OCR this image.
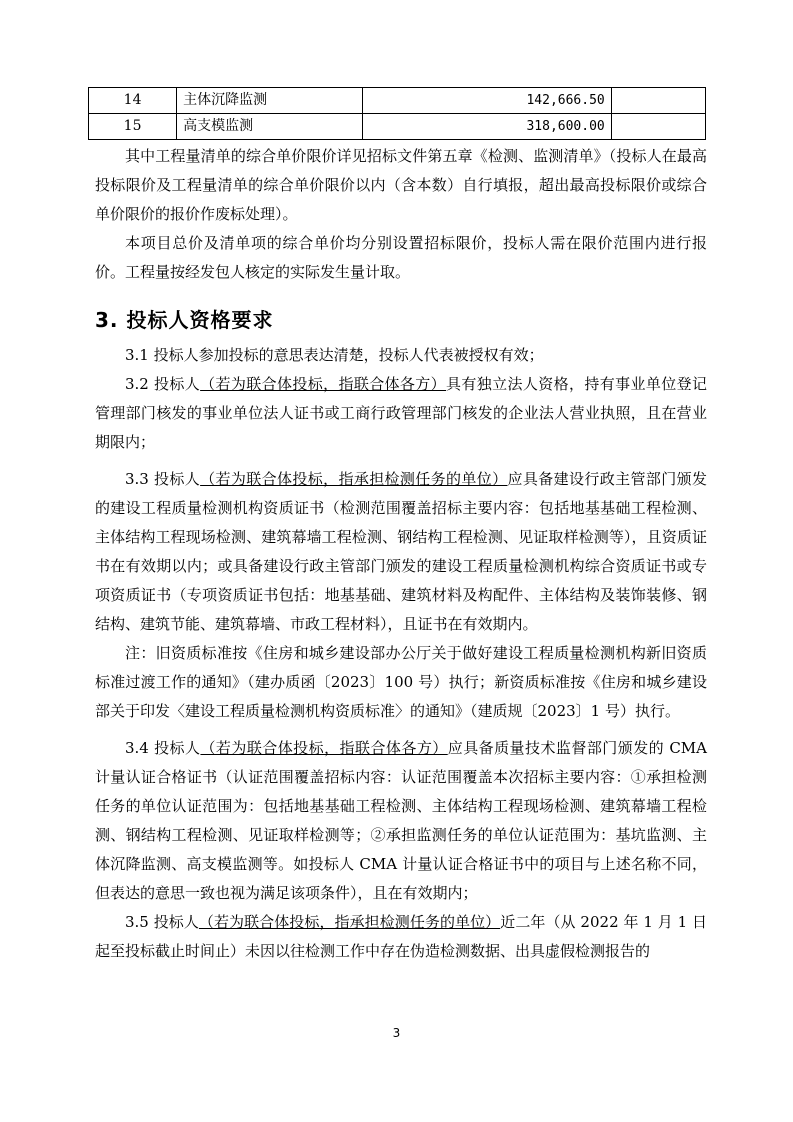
14	主体沉降监测	142,666.50	
15	高支模监测	318,600.00	

其中工程量清单的综合单价限价详见招标文件第五章《检测、监测清单》（投标人在最高投标限价及工程量清单的综合单价限价以内（含本数）自行填报，超出最高投标限价或综合单价限价的报价作废标处理）。

本项目总价及清单项的综合单价均分别设置招标限价，投标人需在限价范围内进行报价。工程量按经发包人核定的实际发生量计取。

3. 投标人资格要求

3.1 投标人参加投标的意思表达清楚，投标人代表被授权有效；

3.2 投标人（若为联合体投标，指联合体各方）具有独立法人资格，持有事业单位登记管理部门核发的事业单位法人证书或工商行政管理部门核发的企业法人营业执照，且在营业期限内；

3.3 投标人（若为联合体投标，指承担检测任务的单位）应具备建设行政主管部门颁发的建设工程质量检测机构资质证书（检测范围覆盖招标主要内容：包括地基基础工程检测、主体结构工程现场检测、建筑幕墙工程检测、钢结构工程检测、见证取样检测等），且资质证书在有效期以内；或具备建设行政主管部门颁发的建设工程质量检测机构综合资质证书或专项资质证书（专项资质证书包括：地基基础、建筑材料及构配件、主体结构及装饰装修、钢结构、建筑节能、建筑幕墙、市政工程材料），且证书在有效期内。

注：旧资质标准按《住房和城乡建设部办公厅关于做好建设工程质量检测机构新旧资质标准过渡工作的通知》（建办质函〔2023〕100 号）执行；新资质标准按《住房和城乡建设部关于印发〈建设工程质量检测机构资质标准〉的通知》（建质规〔2023〕1 号）执行。

3.4 投标人（若为联合体投标，指联合体各方）应具备质量技术监督部门颁发的 CMA 计量认证合格证书（认证范围覆盖招标内容：认证范围覆盖本次招标主要内容：①承担检测任务的单位认证范围为：包括地基基础工程检测、主体结构工程现场检测、建筑幕墙工程检测、钢结构工程检测、见证取样检测等；②承担监测任务的单位认证范围为：基坑监测、主体沉降监测、高支模监测等。如投标人 CMA 计量认证合格证书中的项目与上述名称不同，但表达的意思一致也视为满足该项条件），且在有效期内；

3.5 投标人（若为联合体投标，指承担检测任务的单位）近二年（从 2022 年 1 月 1 日起至投标截止时间止）未因以往检测工作中存在伪造检测数据、出具虚假检测报告的

3
